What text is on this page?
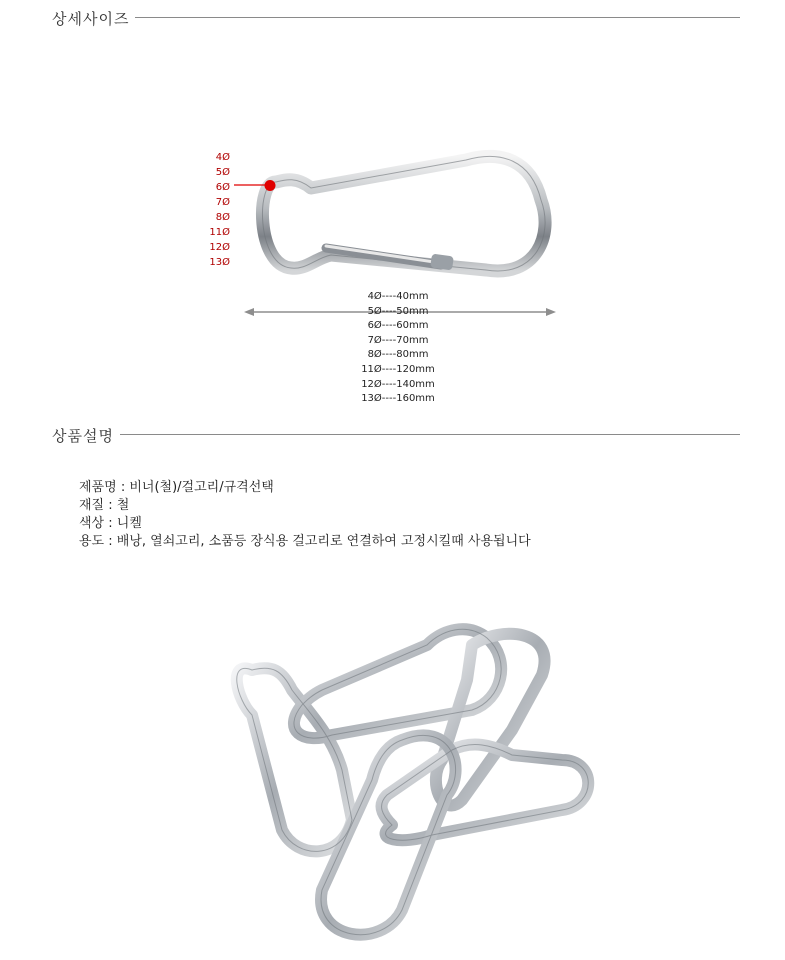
상세사이즈
4Ø
5Ø
6Ø
7Ø
8Ø
11Ø
12Ø
13Ø
4Ø----40mm
5Ø----50mm
6Ø----60mm
7Ø----70mm
8Ø----80mm
11Ø----120mm
12Ø----140mm
13Ø----160mm
상품설명
제품명 : 비너(철)/걸고리/규격선택
재질 : 철
색상 : 니켈
용도 : 배낭, 열쇠고리, 소품등 장식용 걸고리로 연결하여 고정시킬때 사용됩니다
